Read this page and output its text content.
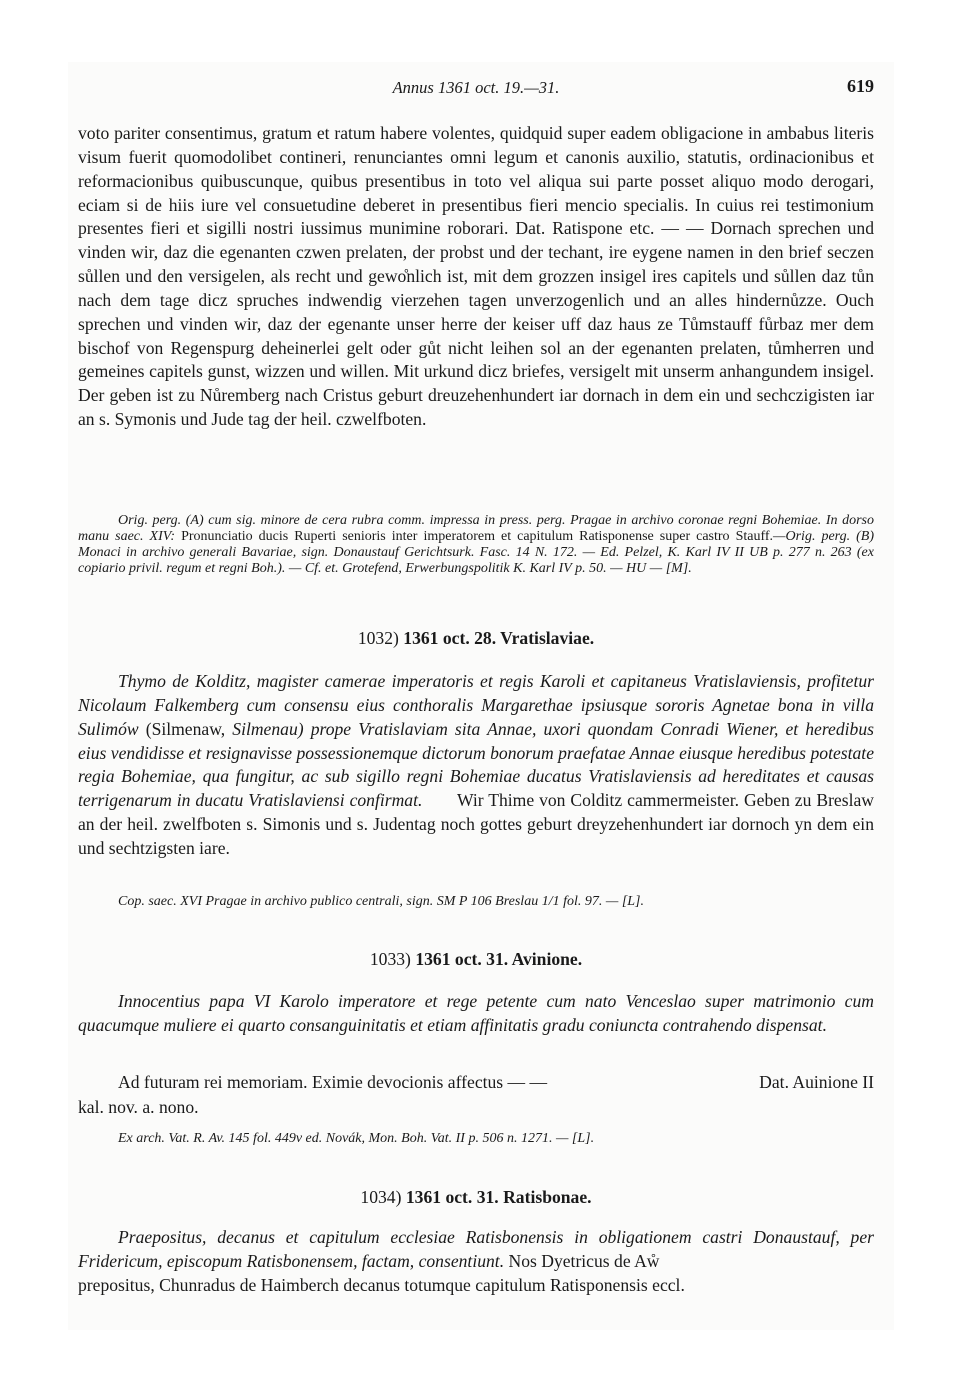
Annus 1361 oct. 19.—31.	619

voto pariter consentimus, gratum et ratum habere volentes, quidquid super eadem obligacione in ambabus literis visum fuerit quomodolibet contineri, renunciantes omni legum et canonis auxilio, statutis, ordinacionibus et reformacionibus quibuscunque, quibus presentibus in toto vel aliqua sui parte posset aliquo modo derogari, eciam si de hiis iure vel consuetudine deberet in presentibus fieri mencio specialis. In cuius rei testimonium presentes fieri et sigilli nostri iussimus munimine roborari. Dat. Ratispone etc. — — Dornach sprechen und vinden wir, daz die egenanten czwen prelaten, der probst und der techant, ire eygene namen in den brief seczen sůllen und den versigelen, als recht und gewo̊nlich ist, mit dem grozzen insigel ires capitels und sůllen daz tůn nach dem tage dicz spruches indwendig vierzehen tagen unverzogenlich und an alles hindernůzze. Ouch sprechen und vinden wir, daz der egenante unser herre der keiser uff daz haus ze Tůmstauff fůrbaz mer dem bischof von Regenspurg deheinerlei gelt oder gůt nicht leihen sol an der egenanten prelaten, tůmherren und gemeines capitels gunst, wizzen und willen. Mit urkund dicz briefes, versigelt mit unserm anhangundem insigel. Der geben ist zu Nůremberg nach Cristus geburt dreuzehenhundert iar dornach in dem ein und sechczigisten iar an s. Symonis und Jude tag der heil. czwelfboten.

Orig. perg. (A) cum sig. minore de cera rubra comm. impressa in press. perg. Pragae in archivo coronae regni Bohemiae. In dorso manu saec. XIV: Pronunciatio ducis Ruperti senioris inter imperatorem et capitulum Ratisponense super castro Stauff.—Orig. perg. (B) Monaci in archivo generali Bavariae, sign. Donaustauf Gerichtsurk. Fasc. 14 N. 172. — Ed. Pelzel, K. Karl IV II UB p. 277 n. 263 (ex copiario privil. regum et regni Boh.). — Cf. et. Grotefend, Erwerbungspolitik K. Karl IV p. 50. — HU — [M].

1032) 1361 oct. 28. Vratislaviae.

Thymo de Kolditz, magister camerae imperatoris et regis Karoli et capitaneus Vratislaviensis, profitetur Nicolaum Falkemberg cum consensu eius conthoralis Margarethae ipsiusque sororis Agnetae bona in villa Sulimów (Silmenaw, Silmenau) prope Vratislaviam sita Annae, uxori quondam Conradi Wiener, et heredibus eius vendidisse et resignavisse possessionemque dictorum bonorum praefatae Annae eiusque heredibus potestate regia Bohemiae, qua fungitur, ac sub sigillo regni Bohemiae ducatus Vratislaviensis ad hereditates et causas terrigenarum in ducatu Vratislaviensi confirmat. Wir Thime von Colditz cammermeister. Geben zu Breslaw an der heil. zwelfboten s. Simonis und s. Judentag noch gottes geburt dreyzehenhundert iar dornoch yn dem ein und sechtzigsten iare.

Cop. saec. XVI Pragae in archivo publico centrali, sign. SM P 106 Breslau 1/1 fol. 97. — [L].

1033) 1361 oct. 31. Avinione.

Innocentius papa VI Karolo imperatore et rege petente cum nato Venceslao super matrimonio cum quacumque muliere ei quarto consanguinitatis et etiam affinitatis gradu coniuncta contrahendo dispensat.

Ad futuram rei memoriam. Eximie devocionis affectus — —	Dat. Auinione II

kal. nov. a. nono.

Ex arch. Vat. R. Av. 145 fol. 449v ed. Novák, Mon. Boh. Vat. II p. 506 n. 1271. — [L].

1034) 1361 oct. 31. Ratisbonae.

Praepositus, decanus et capitulum ecclesiae Ratisbonensis in obligationem castri Donaustauf, per Fridericum, episcopum Ratisbonensem, factam, consentiunt. Nos Dyetricus de Aẘ

prepositus, Chunradus de Haimberch decanus totumque capitulum Ratisponensis eccl.
